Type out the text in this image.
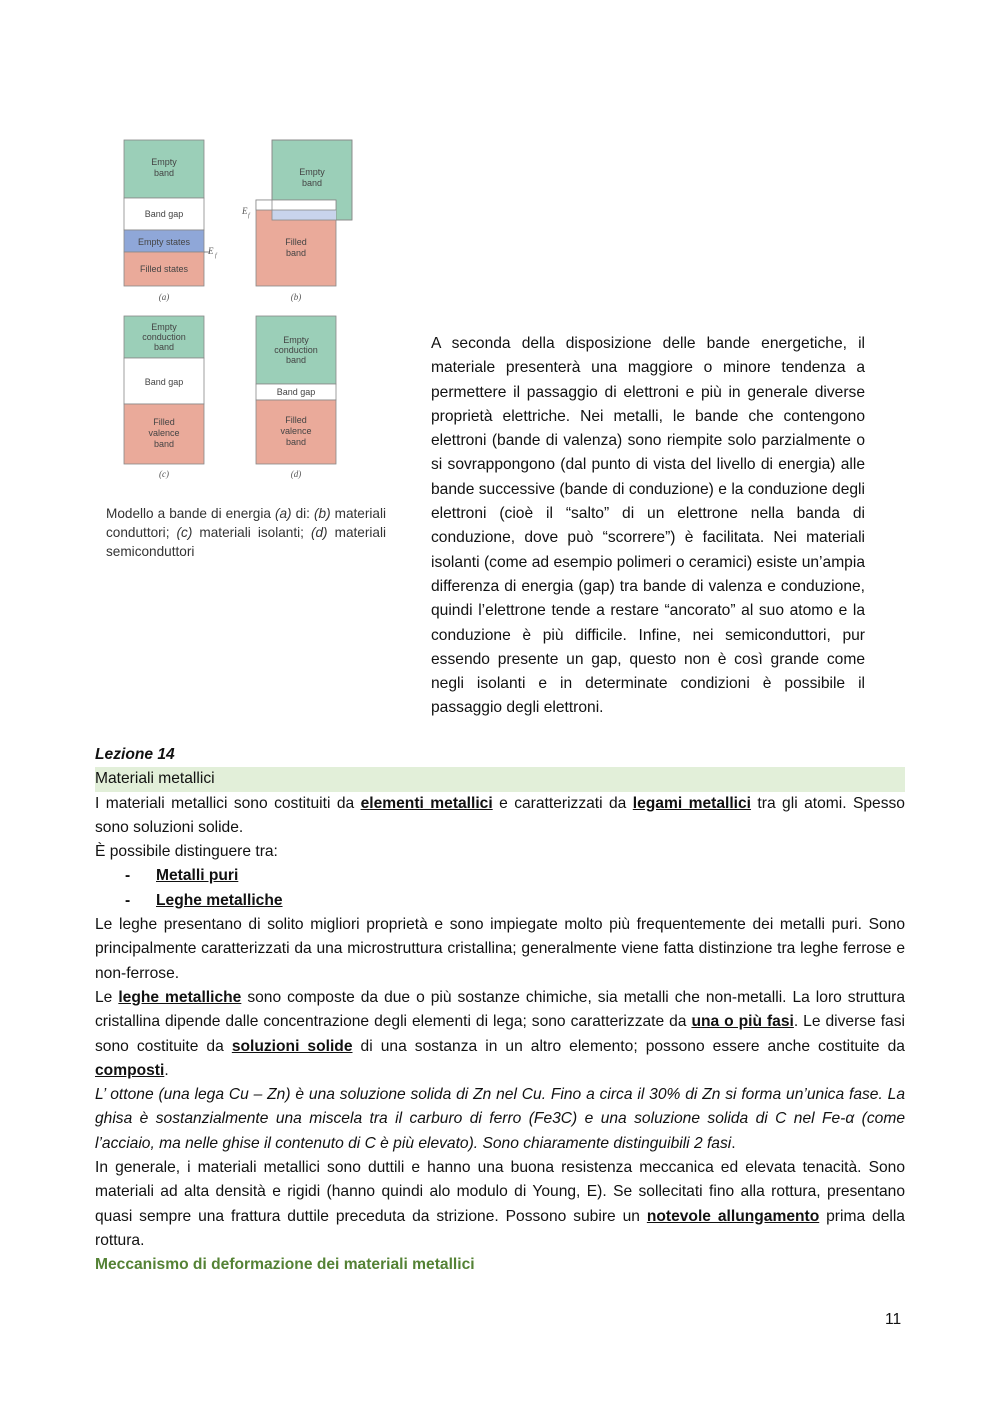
Empty
band
Band gap
Empty states
Filled states
E f
(a)
Empty
band
Filled
band
E f
(b)
Empty
conduction
band
Band gap
Filled
valence
band
(c)
Empty
conduction
band
Band gap
Filled
valence
band
(d)
Modello a bande di energia (a) di: (b) materiali conduttori; (c) materiali isolanti; (d) materiali semiconduttori
A seconda della disposizione delle bande energetiche, il materiale presenterà una maggiore o minore tendenza a permettere il passaggio di elettroni e più in generale diverse proprietà elettriche. Nei metalli, le bande che contengono elettroni (bande di valenza) sono riempite solo parzialmente o si sovrappongono (dal punto di vista del livello di energia) alle bande successive (bande di conduzione) e la conduzione degli elettroni (cioè il “salto” di un elettrone nella banda di conduzione, dove può “scorrere”) è facilitata. Nei materiali isolanti (come ad esempio polimeri o ceramici) esiste un’ampia differenza di energia (gap) tra bande di valenza e conduzione, quindi l’elettrone tende a restare “ancorato” al suo atomo e la conduzione è più difficile. Infine, nei semiconduttori, pur essendo presente un gap, questo non è così grande come negli isolanti e in determinate condizioni è possibile il passaggio degli elettroni.

Lezione 14

Materiali metallici

I materiali metallici sono costituiti da elementi metallici e caratterizzati da legami metallici tra gli atomi. Spesso sono soluzioni solide.

È possibile distinguere tra:

- Metalli puri
- Leghe metalliche

Le leghe presentano di solito migliori proprietà e sono impiegate molto più frequentemente dei metalli puri. Sono principalmente caratterizzati da una microstruttura cristallina; generalmente viene fatta distinzione tra leghe ferrose e non-ferrose.

Le leghe metalliche sono composte da due o più sostanze chimiche, sia metalli che non-metalli. La loro struttura cristallina dipende dalle concentrazione degli elementi di lega; sono caratterizzate da una o più fasi. Le diverse fasi sono costituite da soluzioni solide di una sostanza in un altro elemento; possono essere anche costituite da composti.

L’ ottone (una lega Cu – Zn) è una soluzione solida di Zn nel Cu. Fino a circa il 30% di Zn si forma un’unica fase. La ghisa è sostanzialmente una miscela tra il carburo di ferro (Fe3C) e una soluzione solida di C nel Fe-α (come l’acciaio, ma nelle ghise il contenuto di C è più elevato). Sono chiaramente distinguibili 2 fasi.

In generale, i materiali metallici sono duttili e hanno una buona resistenza meccanica ed elevata tenacità. Sono materiali ad alta densità e rigidi (hanno quindi alo modulo di Young, E). Se sollecitati fino alla rottura, presentano quasi sempre una frattura duttile preceduta da strizione. Possono subire un notevole allungamento prima della rottura.

Meccanismo di deformazione dei materiali metallici

11
